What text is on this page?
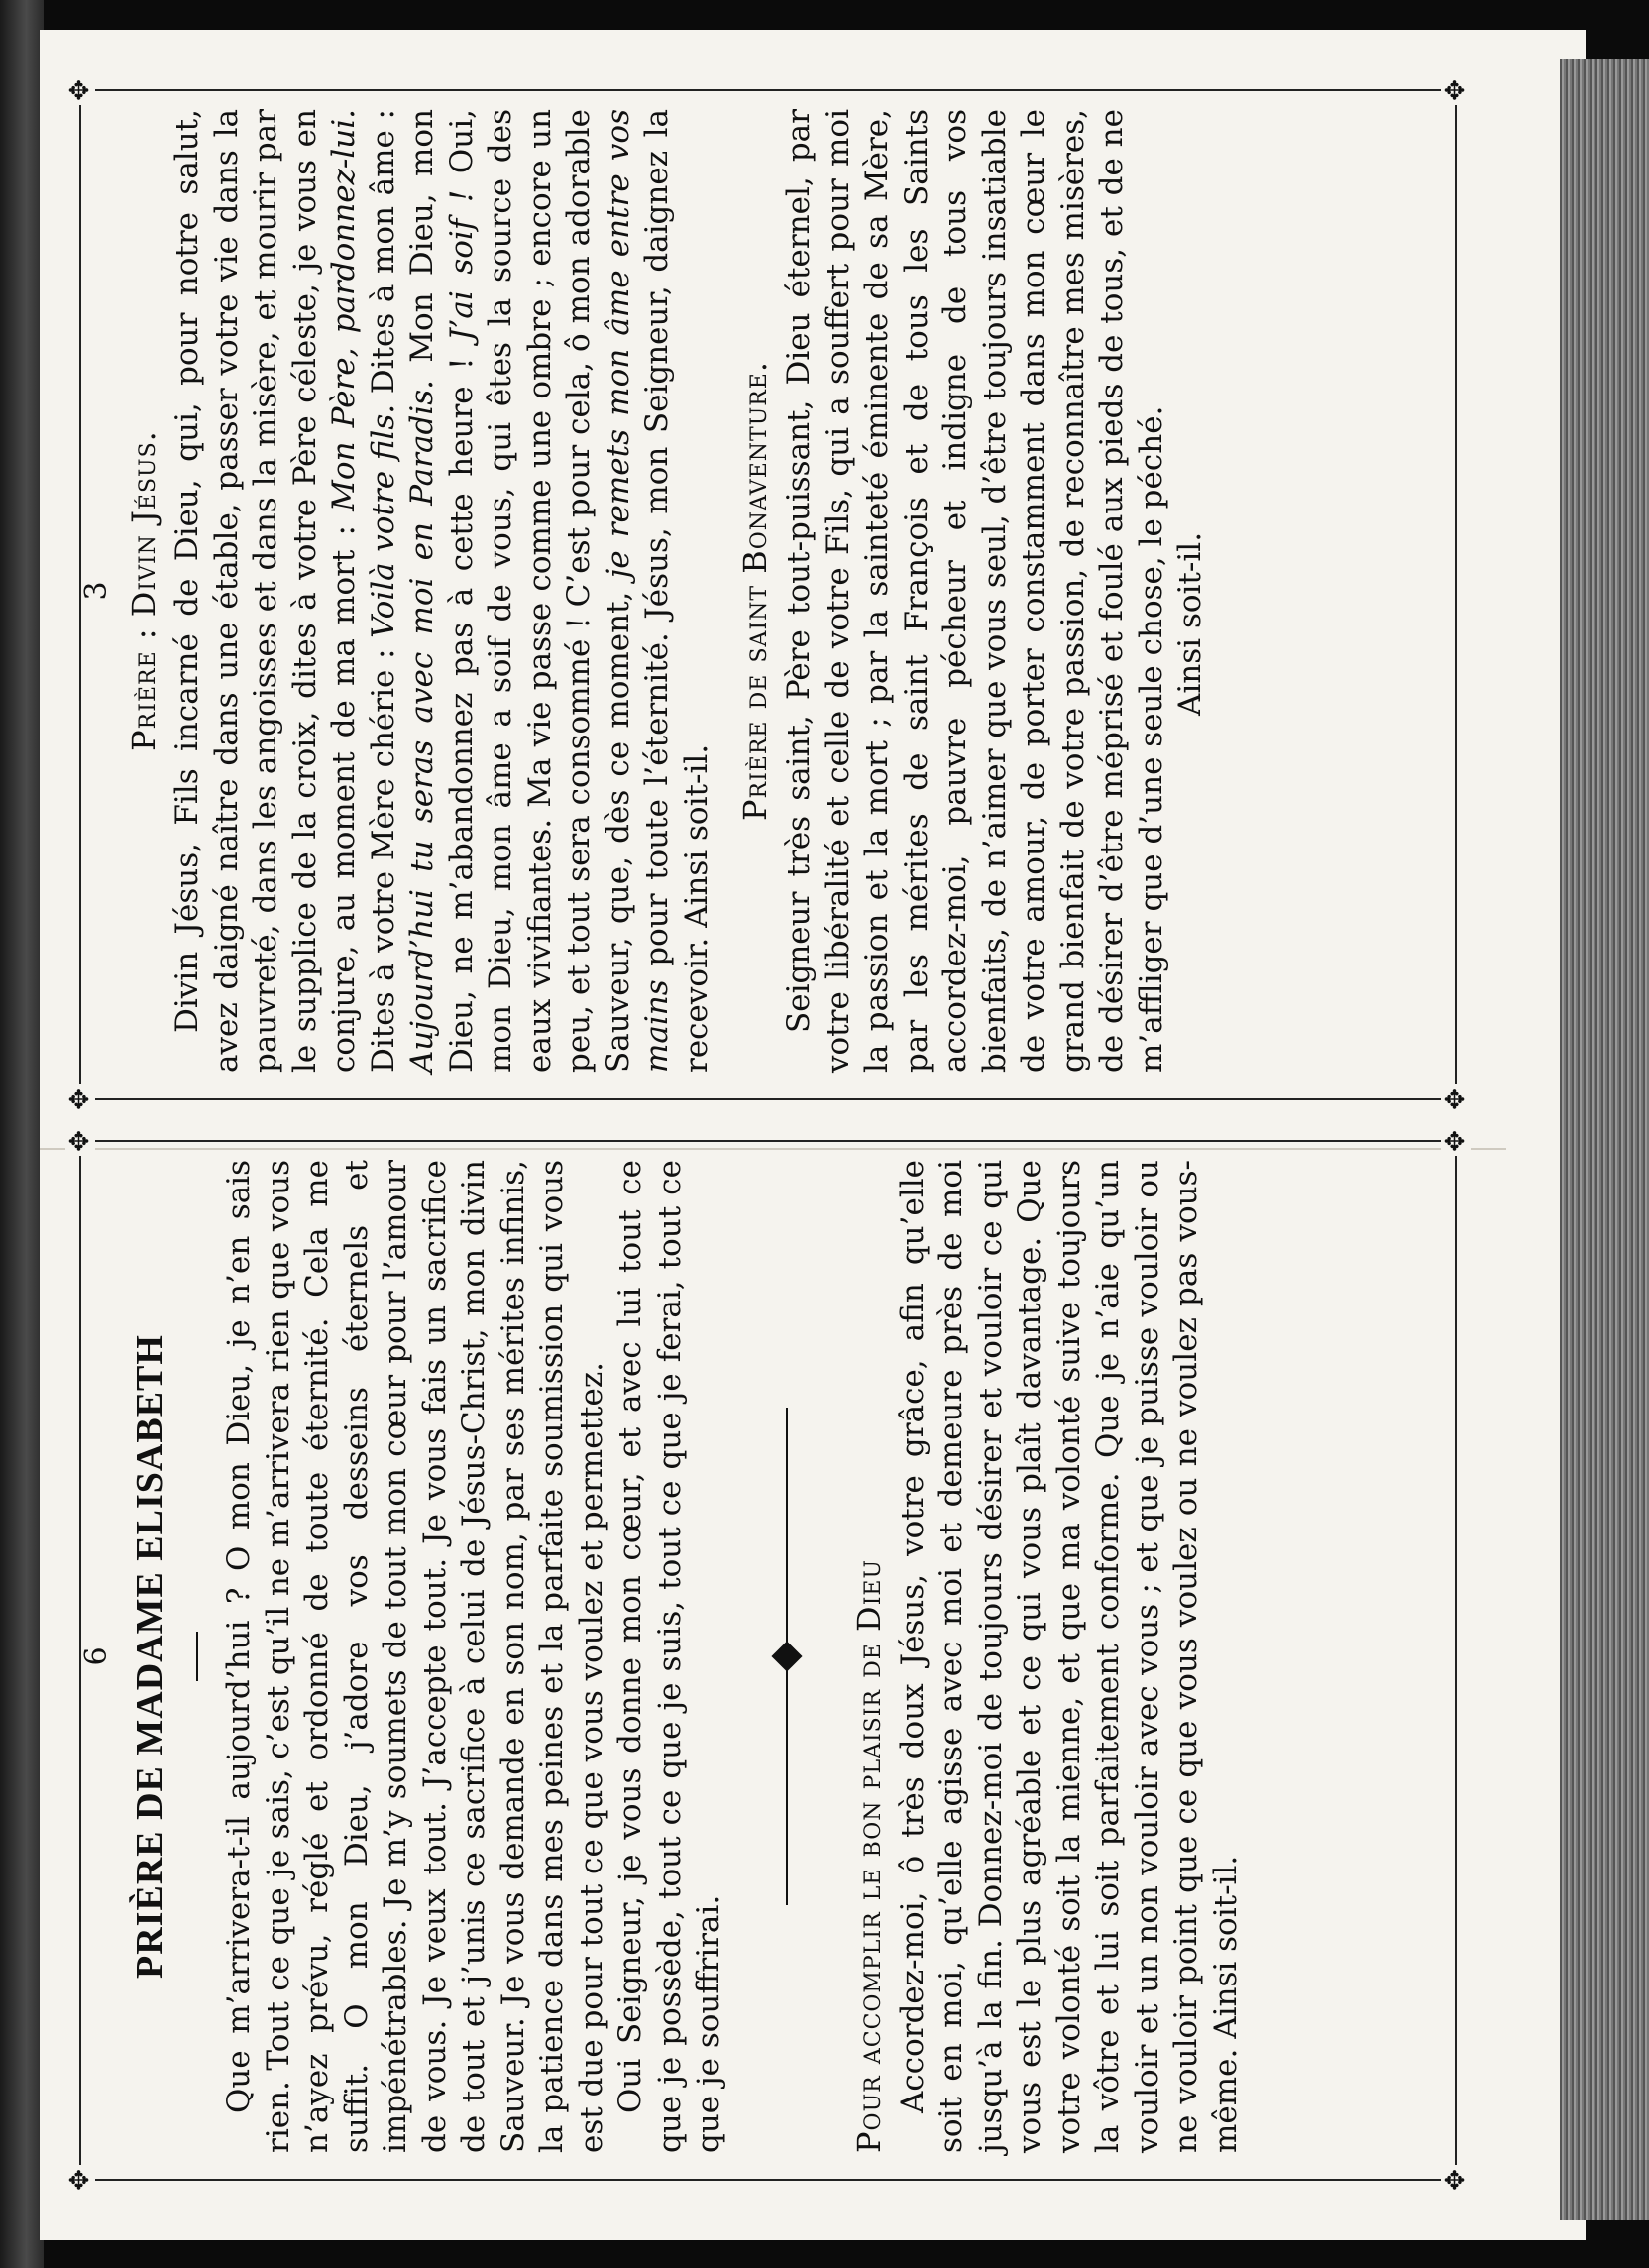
✥
✥
✥
✥
6 PRIÈRE DE MADAME ELISABETH Que m’arrivera-t-il aujourd’hui ? O mon Dieu, je n’en sais rien. Tout ce que je sais, c’est qu’il ne m’arrivera rien que vous n’ayez prévu, réglé et ordonné de toute éternité. Cela me suffit. O mon Dieu, j’adore vos desseins éternels et impénétrables. Je m’y soumets de tout mon cœur pour l’amour de vous. Je veux tout. J’accepte tout. Je vous fais un sacrifice de tout et j’unis ce sacrifice à celui de Jésus-Christ, mon divin Sauveur. Je vous demande en son nom, par ses mérites infinis, la patience dans mes peines et la parfaite soumission qui vous est due pour tout ce que vous voulez et permettez. Oui Seigneur, je vous donne mon cœur, et avec lui tout ce que je possède, tout ce que je suis, tout ce que je ferai, tout ce que je souffrirai.	Pour accomplir le bon plaisir de Dieu Accordez-moi, ô très doux Jésus, votre grâce, afin qu’elle soit en moi, qu’elle agisse avec moi et demeure près de moi jusqu’à la fin. Donnez-moi de toujours désirer et vouloir ce qui vous est le plus agréable et ce qui vous plaît davantage. Que votre volonté soit la mienne, et que ma volonté suive toujours la vôtre et lui soit parfaitement conforme. Que je n’aie qu’un vouloir et un non vouloir avec vous ; et que je puisse vouloir ou ne vouloir point que ce que vous voulez ou ne voulez pas vous-même. Ainsi soit-il.

✥
✥
✥
✥
3 Prière : Divin Jésus. Divin Jésus, Fils incarné de Dieu, qui, pour notre salut, avez daigné naître dans une étable, passer votre vie dans la pauvreté, dans les angoisses et dans la misère, et mourir par le supplice de la croix, dites à votre Père céleste, je vous en conjure, au moment de ma mort : Mon Père, pardonnez-lui. Dites à votre Mère chérie : Voilà votre fils. Dites à mon âme : Aujourd’hui tu seras avec moi en Paradis. Mon Dieu, mon Dieu, ne m’abandonnez pas à cette heure ! J’ai soif ! Oui, mon Dieu, mon âme a soif de vous, qui êtes la source des eaux vivifiantes. Ma vie passe comme une ombre ; encore un peu, et tout sera consommé ! C’est pour cela, ô mon adorable Sauveur, que, dès ce moment, je remets mon âme entre vos mains pour toute l’éternité. Jésus, mon Seigneur, daignez la recevoir. Ainsi soit-il.

Prière de saint Bonaventure. Seigneur très saint, Père tout-puissant, Dieu éternel, par votre libéralité et celle de votre Fils, qui a souffert pour moi la passion et la mort ; par la sainteté éminente de sa Mère, par les mérites de saint François et de tous les Saints accordez-moi, pauvre pécheur et indigne de tous vos bienfaits, de n’aimer que vous seul, d’être toujours insatiable de votre amour, de porter constamment dans mon cœur le grand bienfait de votre passion, de reconnaître mes misères, de désirer d’être méprisé et foulé aux pieds de tous, et de ne m’affliger que d’une seule chose, le péché. Ainsi soit-il.
